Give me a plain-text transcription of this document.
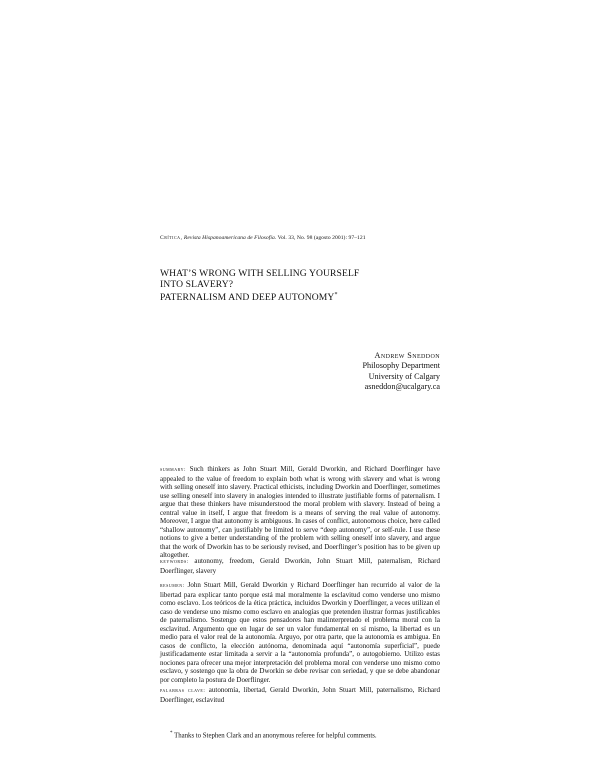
Crítica, Revista Hispanoamericana de Filosofía. Vol. 33, No. 98 (agosto 2001): 97–121
WHAT’S WRONG WITH SELLING YOURSELF
INTO SLAVERY?
PATERNALISM AND DEEP AUTONOMY*
Andrew Sneddon
Philosophy Department
University of Calgary
asneddon@ucalgary.ca

summary: Such thinkers as John Stuart Mill, Gerald Dworkin, and Richard Doerflinger have appealed to the value of freedom to explain both what is wrong with slavery and what is wrong with selling oneself into slavery. Practical ethicists, including Dworkin and Doerflinger, sometimes use selling oneself into slavery in analogies intended to illustrate justifiable forms of paternalism. I argue that these thinkers have misunderstood the moral problem with slavery. Instead of being a central value in itself, I argue that freedom is a means of serving the real value of autonomy. Moreover, I argue that autonomy is ambiguous. In cases of conflict, autonomous choice, here called “shallow autonomy”, can justifiably be limited to serve “deep autonomy”, or self-rule. I use these notions to give a better understanding of the problem with selling oneself into slavery, and argue that the work of Dworkin has to be seriously revised, and Doerflinger’s position has to be given up altogether.

keywords: autonomy, freedom, Gerald Dworkin, John Stuart Mill, paternalism, Richard Doerflinger, slavery

resumen: John Stuart Mill, Gerald Dworkin y Richard Doerflinger han recurrido al valor de la libertad para explicar tanto porque está mal moralmente la esclavitud como venderse uno mismo como esclavo. Los teóricos de la ética práctica, incluidos Dworkin y Doerflinger, a veces utilizan el caso de venderse uno mismo como esclavo en analogías que pretenden ilustrar formas justificables de paternalismo. Sostengo que estos pensadores han malinterpretado el problema moral con la esclavitud. Argumento que en lugar de ser un valor fundamental en sí mismo, la libertad es un medio para el valor real de la autonomía. Arguyo, por otra parte, que la autonomía es ambigua. En casos de conflicto, la elección autónoma, denominada aquí “autonomía superficial”, puede justificadamente estar limitada a servir a la “autonomía profunda”, o autogobierno. Utilizo estas nociones para ofrecer una mejor interpretación del problema moral con venderse uno mismo como esclavo, y sostengo que la obra de Dworkin se debe revisar con seriedad, y que se debe abandonar por completo la postura de Doerflinger.

palabras clave: autonomía, libertad, Gerald Dworkin, John Stuart Mill, paternalismo, Richard Doerflinger, esclavitud

* Thanks to Stephen Clark and an anonymous referee for helpful comments.
